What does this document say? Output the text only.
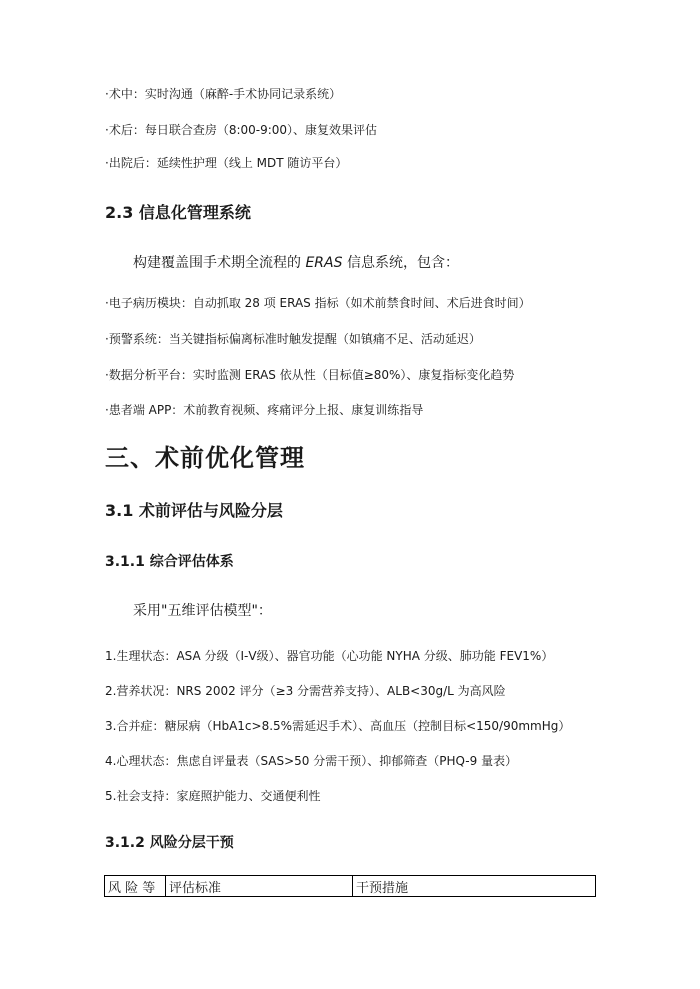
·术中：实时沟通（麻醉-手术协同记录系统）
·术后：每日联合查房（8:00-9:00）、康复效果评估
·出院后：延续性护理（线上 MDT 随访平台）
2.3 信息化管理系统
构建覆盖围手术期全流程的 ERAS 信息系统，包含：
·电子病历模块：自动抓取 28 项 ERAS 指标（如术前禁食时间、术后进食时间）
·预警系统：当关键指标偏离标准时触发提醒（如镇痛不足、活动延迟）
·数据分析平台：实时监测 ERAS 依从性（目标值≥80%）、康复指标变化趋势
·患者端 APP：术前教育视频、疼痛评分上报、康复训练指导
三、术前优化管理
3.1 术前评估与风险分层
3.1.1 综合评估体系
采用"五维评估模型"：
1.生理状态：ASA 分级（Ⅰ-Ⅴ级）、器官功能（心功能 NYHA 分级、肺功能 FEV1%）
2.营养状况：NRS 2002 评分（≥3 分需营养支持）、ALB<30g/L 为高风险
3.合并症：糖尿病（HbA1c>8.5%需延迟手术）、高血压（控制目标<150/90mmHg）
4.心理状态：焦虑自评量表（SAS>50 分需干预）、抑郁筛查（PHQ-9 量表）
5.社会支持：家庭照护能力、交通便利性
3.1.2 风险分层干预
风 险 等	评估标准	干预措施
